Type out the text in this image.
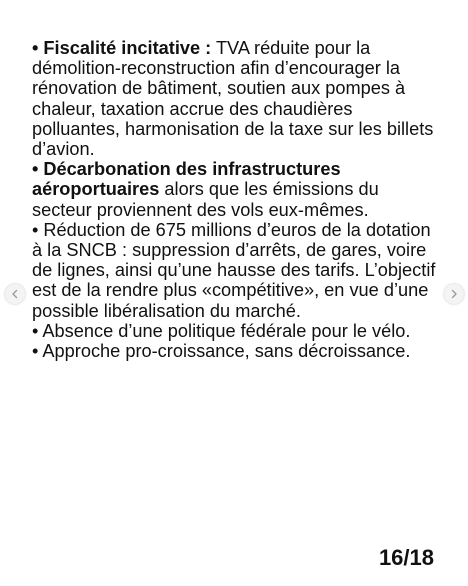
• Fiscalité incitative : TVA réduite pour la démolition-reconstruction afin d’encourager la rénovation de bâtiment, soutien aux pompes à chaleur, taxation accrue des chaudières polluantes, harmonisation de la taxe sur les billets d’avion.

• Décarbonation des infrastructures aéroportuaires alors que les émissions du secteur proviennent des vols eux-mêmes.

• Réduction de 675 millions d’euros de la dotation à la SNCB : suppression d’arrêts, de gares, voire de lignes, ainsi qu’une hausse des tarifs. L’objectif est de la rendre plus «compétitive», en vue d’une possible libéralisation du marché.

• Absence d’une politique fédérale pour le vélo.

• Approche pro-croissance, sans décroissance.

16/18
